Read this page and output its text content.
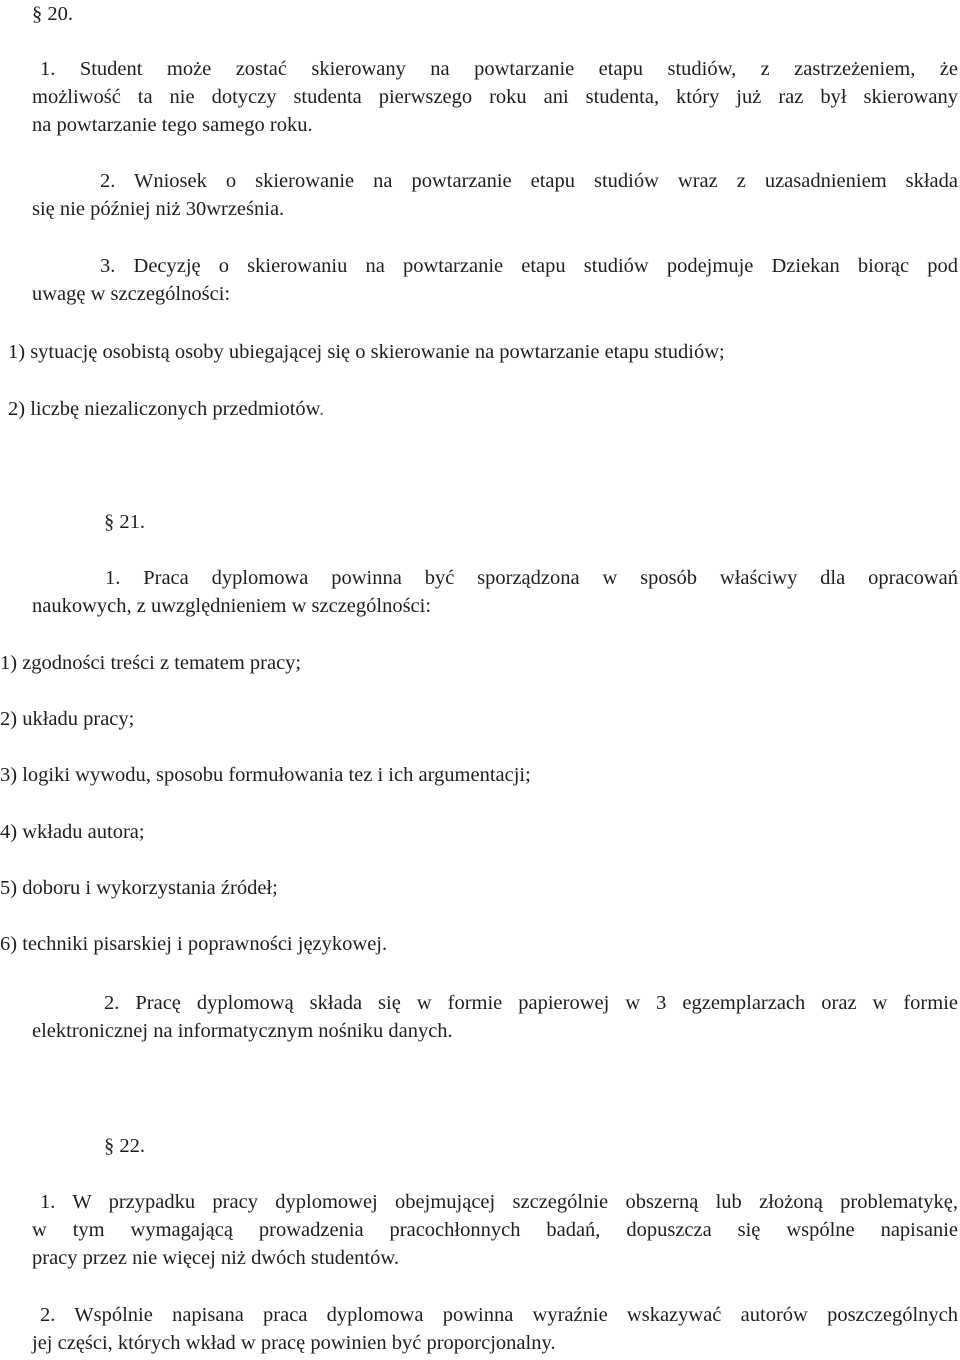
§ 20.
1. Student może zostać skierowany na powtarzanie etapu studiów, z zastrzeżeniem, że
możliwość ta nie dotyczy studenta pierwszego roku ani studenta, który już raz był skierowany
na powtarzanie tego samego roku.
2. Wniosek o skierowanie na powtarzanie etapu studiów wraz z uzasadnieniem składa
się nie później niż 30września.
3. Decyzję o skierowaniu na powtarzanie etapu studiów podejmuje Dziekan biorąc pod
uwagę w szczególności:
1) sytuację osobistą osoby ubiegającej się o skierowanie na powtarzanie etapu studiów;
2) liczbę niezaliczonych przedmiotów.
§ 21.
1. Praca dyplomowa powinna być sporządzona w sposób właściwy dla opracowań
naukowych, z uwzględnieniem w szczególności:
1) zgodności treści z tematem pracy;
2) układu pracy;
3) logiki wywodu, sposobu formułowania tez i ich argumentacji;
4) wkładu autora;
5) doboru i wykorzystania źródeł;
6) techniki pisarskiej i poprawności językowej.
2. Pracę dyplomową składa się w formie papierowej w 3 egzemplarzach oraz w formie
elektronicznej na informatycznym nośniku danych.
§ 22.
1. W przypadku pracy dyplomowej obejmującej szczególnie obszerną lub złożoną problematykę,
w tym wymagającą prowadzenia pracochłonnych badań, dopuszcza się wspólne napisanie
pracy przez nie więcej niż dwóch studentów.
2. Wspólnie napisana praca dyplomowa powinna wyraźnie wskazywać autorów poszczególnych
jej części, których wkład w pracę powinien być proporcjonalny.
